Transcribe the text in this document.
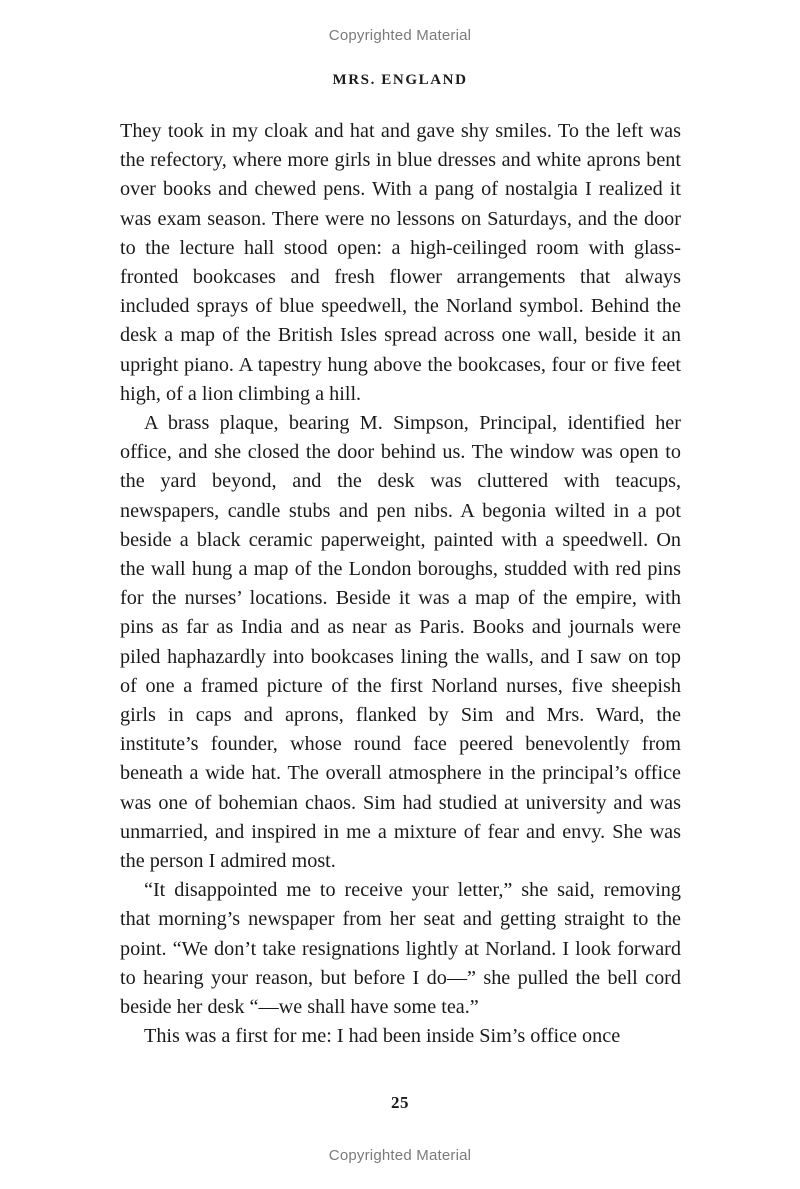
Copyrighted Material
MRS. ENGLAND

They took in my cloak and hat and gave shy smiles. To the left was the refectory, where more girls in blue dresses and white aprons bent over books and chewed pens. With a pang of nostalgia I realized it was exam season. There were no lessons on Saturdays, and the door to the lecture hall stood open: a high-ceilinged room with glass-fronted bookcases and fresh flower arrangements that always included sprays of blue speedwell, the Norland symbol. Behind the desk a map of the British Isles spread across one wall, beside it an upright piano. A tapestry hung above the bookcases, four or five feet high, of a lion climbing a hill.

A brass plaque, bearing M. Simpson, Principal, identified her office, and she closed the door behind us. The window was open to the yard beyond, and the desk was cluttered with teacups, newspapers, candle stubs and pen nibs. A begonia wilted in a pot beside a black ceramic paperweight, painted with a speedwell. On the wall hung a map of the London boroughs, studded with red pins for the nurses’ locations. Beside it was a map of the empire, with pins as far as India and as near as Paris. Books and journals were piled haphazardly into bookcases lining the walls, and I saw on top of one a framed picture of the first Norland nurses, five sheepish girls in caps and aprons, flanked by Sim and Mrs. Ward, the institute’s founder, whose round face peered benevolently from beneath a wide hat. The overall atmosphere in the principal’s office was one of bohemian chaos. Sim had studied at university and was unmarried, and inspired in me a mixture of fear and envy. She was the person I admired most.

“It disappointed me to receive your letter,” she said, removing that morning’s newspaper from her seat and getting straight to the point. “We don’t take resignations lightly at Norland. I look forward to hearing your reason, but before I do—” she pulled the bell cord beside her desk “—we shall have some tea.”

This was a first for me: I had been inside Sim’s office once

25
Copyrighted Material
